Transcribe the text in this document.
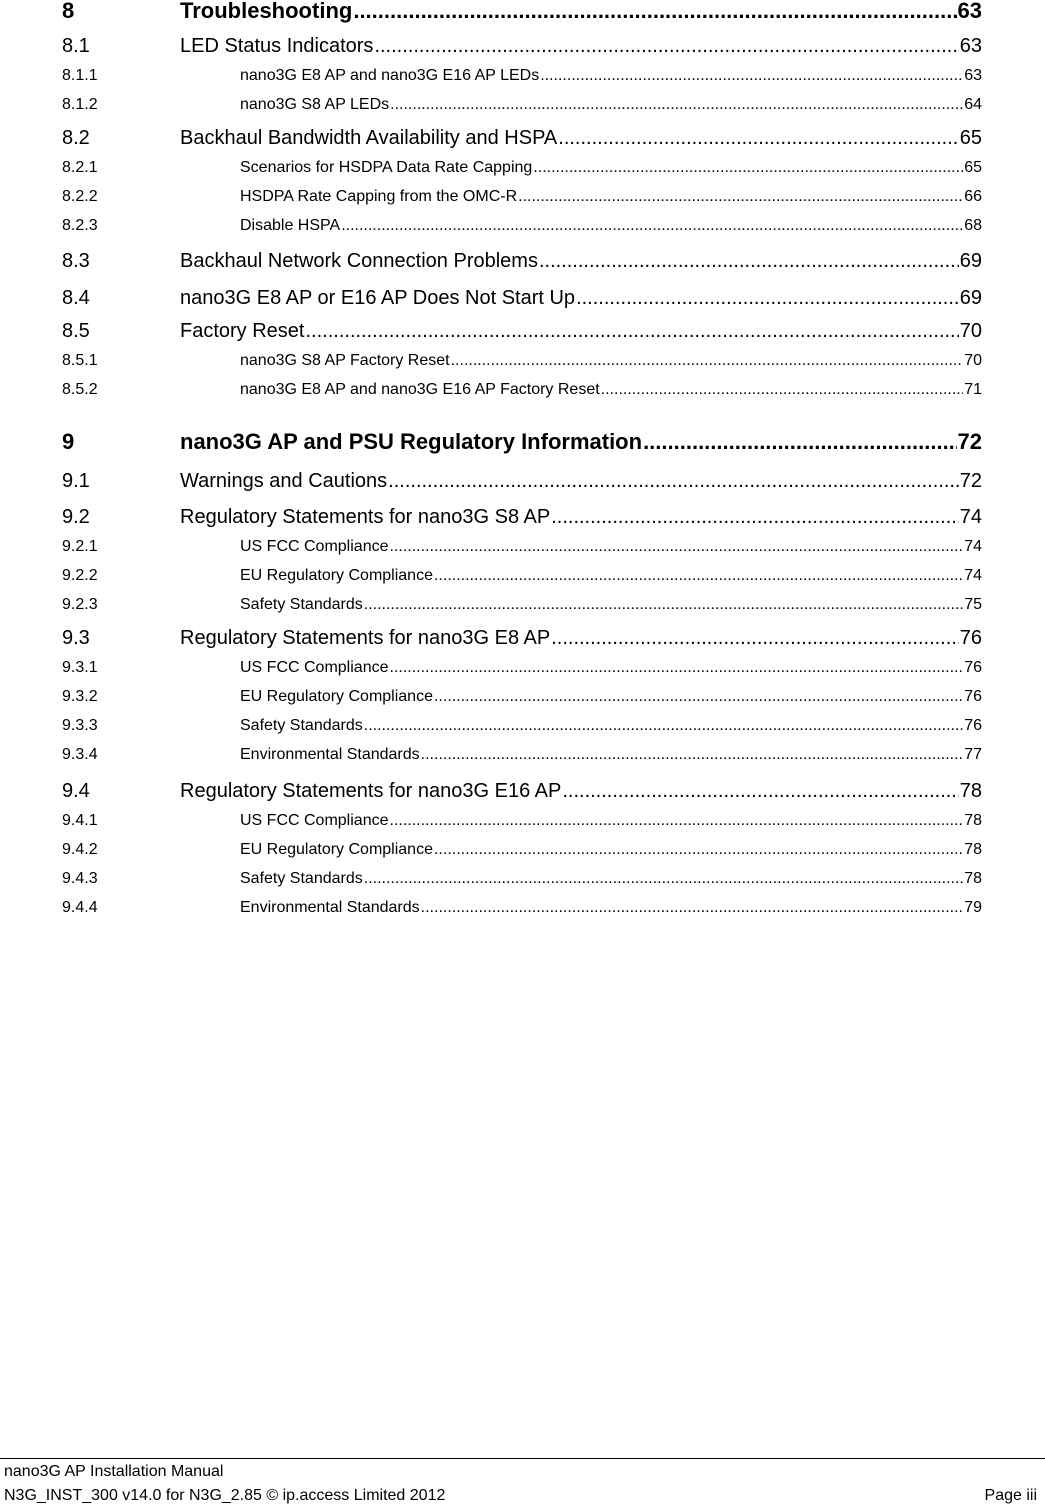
8	Troubleshooting .....	63
8.1	LED Status Indicators .....	63
8.1.1	nano3G E8 AP and nano3G E16 AP LEDs .....	63
8.1.2	nano3G S8 AP LEDs .....	64
8.2	Backhaul Bandwidth Availability and HSPA .....	65
8.2.1	Scenarios for HSDPA Data Rate Capping .....	65
8.2.2	HSDPA Rate Capping from the OMC-R .....	66
8.2.3	Disable HSPA .....	68
8.3	Backhaul Network Connection Problems .....	69
8.4	nano3G E8 AP or E16 AP Does Not Start Up .....	69
8.5	Factory Reset .....	70
8.5.1	nano3G S8 AP Factory Reset .....	70
8.5.2	nano3G E8 AP and nano3G E16 AP Factory Reset .....	71
9	nano3G AP and PSU Regulatory Information .....	72
9.1	Warnings and Cautions .....	72
9.2	Regulatory Statements for nano3G S8 AP .....	74
9.2.1	US FCC Compliance .....	74
9.2.2	EU Regulatory Compliance .....	74
9.2.3	Safety Standards .....	75
9.3	Regulatory Statements for nano3G E8 AP .....	76
9.3.1	US FCC Compliance .....	76
9.3.2	EU Regulatory Compliance .....	76
9.3.3	Safety Standards .....	76
9.3.4	Environmental Standards .....	77
9.4	Regulatory Statements for nano3G E16 AP .....	78
9.4.1	US FCC Compliance .....	78
9.4.2	EU Regulatory Compliance .....	78
9.4.3	Safety Standards .....	78
9.4.4	Environmental Standards .....	79
nano3G AP Installation Manual
N3G_INST_300 v14.0 for N3G_2.85 © ip.access Limited 2012	Page iii
